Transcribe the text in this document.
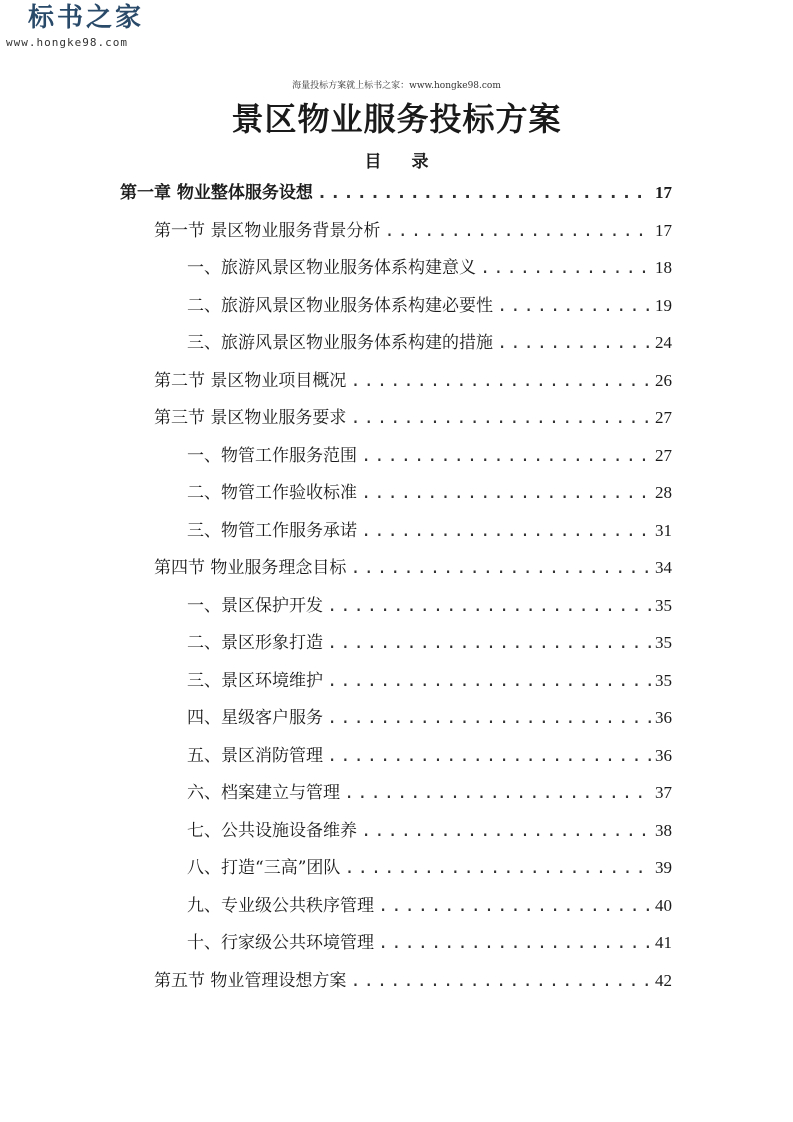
标书之家
www.hongke98.com
海量投标方案就上标书之家：www.hongke98.com
景区物业服务投标方案
目 录
第一章 物业整体服务设想 .....	17
第一节 景区物业服务背景分析 .....	17
一、旅游风景区物业服务体系构建意义 .....	18
二、旅游风景区物业服务体系构建必要性 .....	19
三、旅游风景区物业服务体系构建的措施 .....	24
第二节 景区物业项目概况 .....	26
第三节 景区物业服务要求 .....	27
一、物管工作服务范围 .....	27
二、物管工作验收标准 .....	28
三、物管工作服务承诺 .....	31
第四节 物业服务理念目标 .....	34
一、景区保护开发 .....	35
二、景区形象打造 .....	35
三、景区环境维护 .....	35
四、星级客户服务 .....	36
五、景区消防管理 .....	36
六、档案建立与管理 .....	37
七、公共设施设备维养 .....	38
八、打造“三高”团队 .....	39
九、专业级公共秩序管理 .....	40
十、行家级公共环境管理 .....	41
第五节 物业管理设想方案 .....	42
